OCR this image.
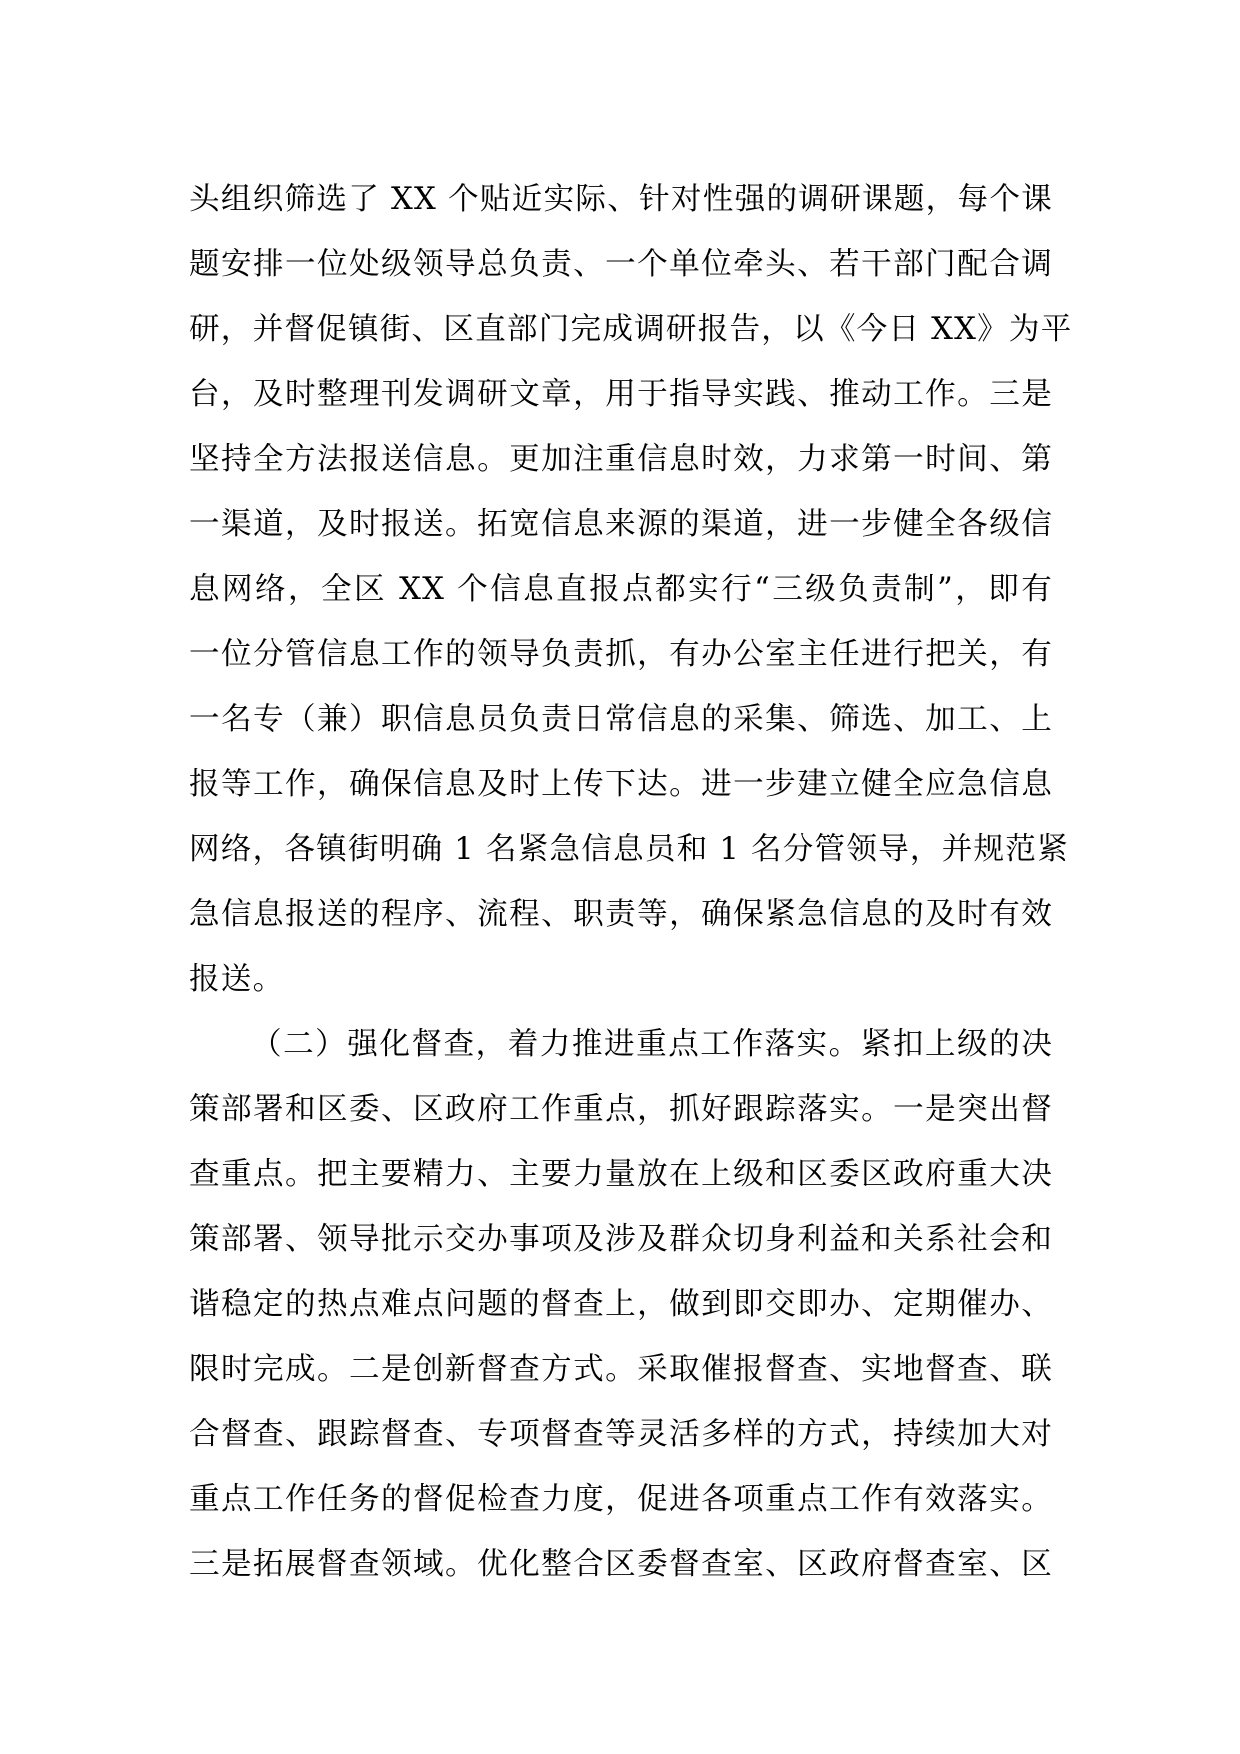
头组织筛选了 XX 个贴近实际、针对性强的调研课题，每个课
题安排一位处级领导总负责、一个单位牵头、若干部门配合调
研，并督促镇街、区直部门完成调研报告，以《今日 XX》为平
台，及时整理刊发调研文章，用于指导实践、推动工作。三是
坚持全方法报送信息。更加注重信息时效，力求第一时间、第
一渠道，及时报送。拓宽信息来源的渠道，进一步健全各级信
息网络，全区 XX 个信息直报点都实行“三级负责制”，即有
一位分管信息工作的领导负责抓，有办公室主任进行把关，有
一名专（兼）职信息员负责日常信息的采集、筛选、加工、上
报等工作，确保信息及时上传下达。进一步建立健全应急信息
网络，各镇街明确 1 名紧急信息员和 1 名分管领导，并规范紧
急信息报送的程序、流程、职责等，确保紧急信息的及时有效
报送。
（二）强化督查，着力推进重点工作落实。紧扣上级的决
策部署和区委、区政府工作重点，抓好跟踪落实。一是突出督
查重点。把主要精力、主要力量放在上级和区委区政府重大决
策部署、领导批示交办事项及涉及群众切身利益和关系社会和
谐稳定的热点难点问题的督查上，做到即交即办、定期催办、
限时完成。二是创新督查方式。采取催报督查、实地督查、联
合督查、跟踪督查、专项督查等灵活多样的方式，持续加大对
重点工作任务的督促检查力度，促进各项重点工作有效落实。
三是拓展督查领域。优化整合区委督查室、区政府督查室、区
